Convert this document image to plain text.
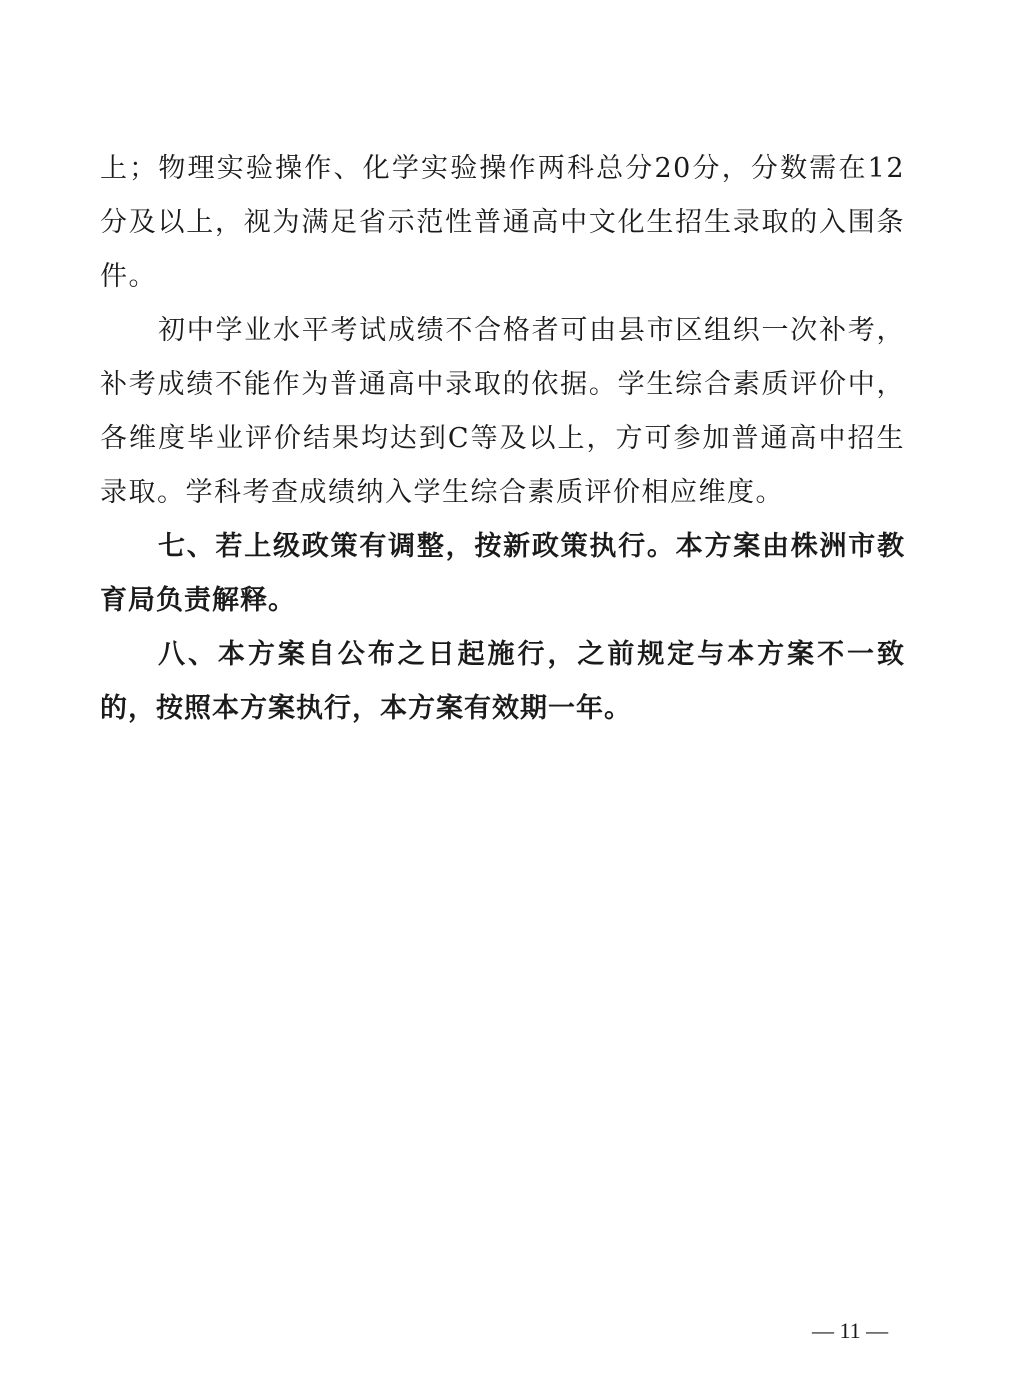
上；物理实验操作、化学实验操作两科总分20分，分数需在12分及以上，视为满足省示范性普通高中文化生招生录取的入围条件。

初中学业水平考试成绩不合格者可由县市区组织一次补考，补考成绩不能作为普通高中录取的依据。学生综合素质评价中，各维度毕业评价结果均达到C等及以上，方可参加普通高中招生录取。学科考查成绩纳入学生综合素质评价相应维度。

七、若上级政策有调整，按新政策执行。本方案由株洲市教育局负责解释。

八、本方案自公布之日起施行，之前规定与本方案不一致的，按照本方案执行，本方案有效期一年。

— 11 —
